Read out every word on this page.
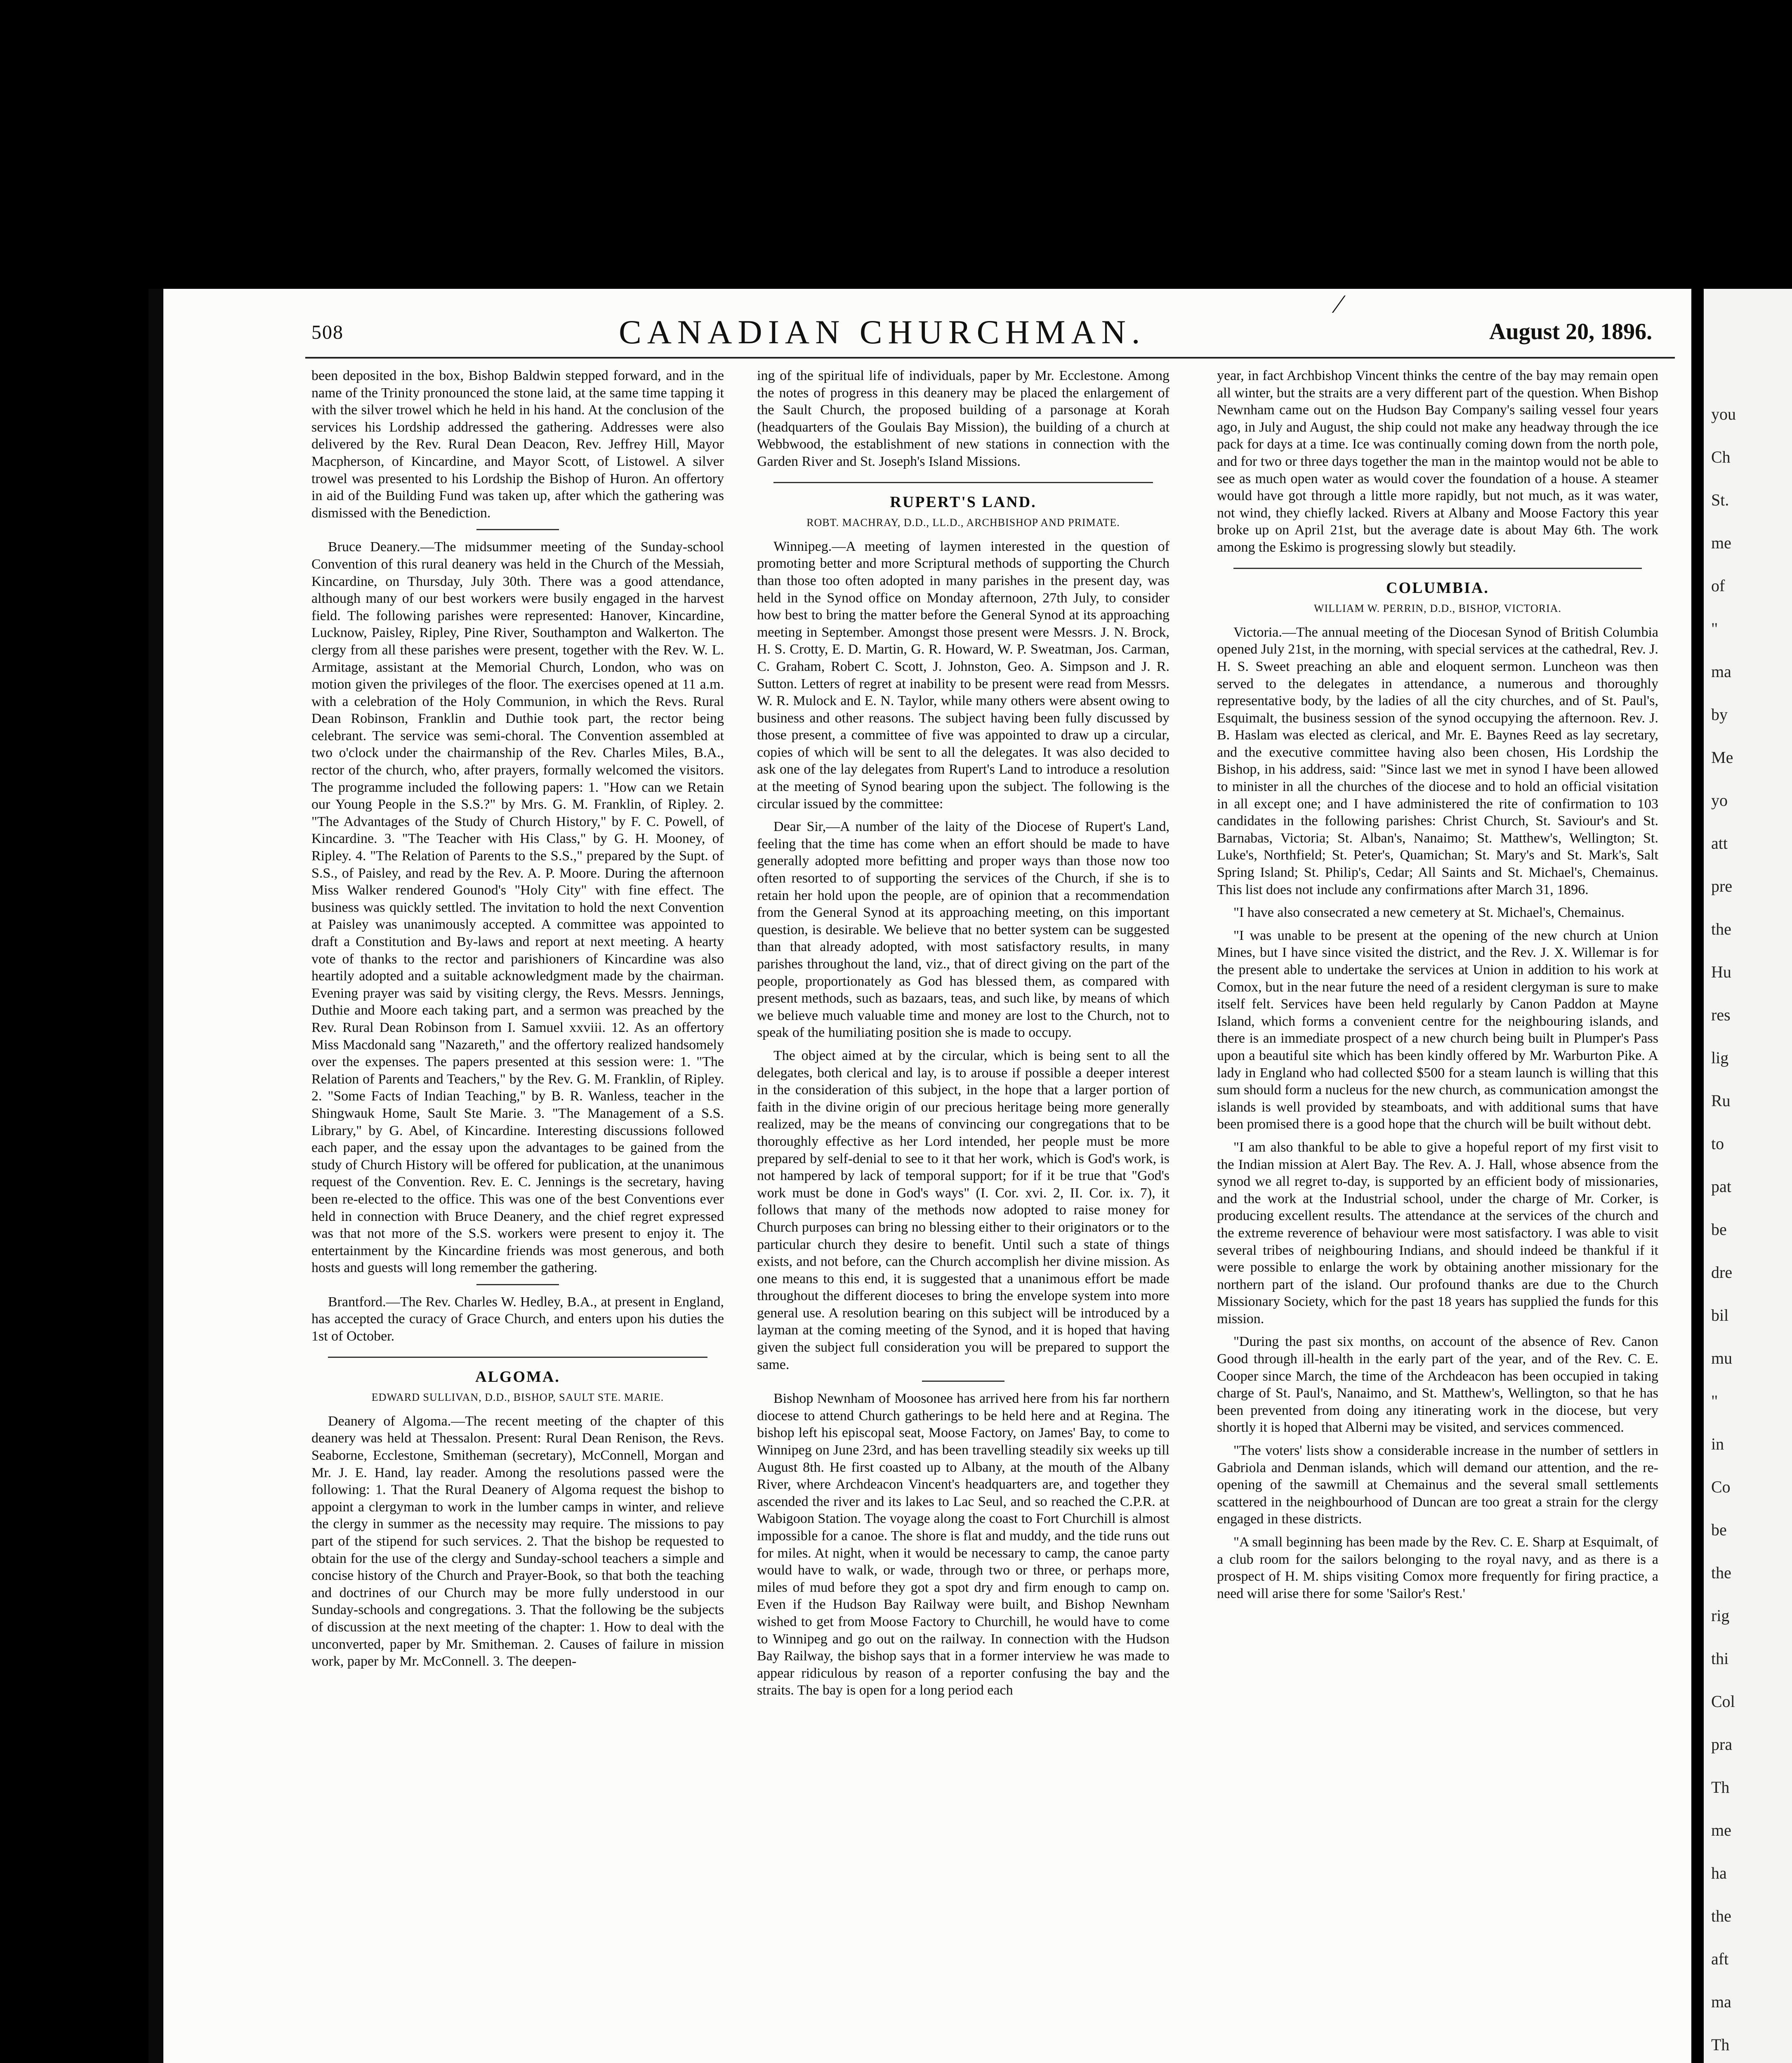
⁄
508	CANADIAN CHURCHMAN.	August 20, 1896.

been deposited in the box, Bishop Baldwin stepped forward, and in the name of the Trinity pronounced the stone laid, at the same time tapping it with the silver trowel which he held in his hand. At the conclusion of the services his Lordship addressed the gathering. Addresses were also delivered by the Rev. Rural Dean Deacon, Rev. Jeffrey Hill, Mayor Macpherson, of Kincardine, and Mayor Scott, of Listowel. A silver trowel was presented to his Lordship the Bishop of Huron. An offertory in aid of the Building Fund was taken up, after which the gathering was dismissed with the Benediction.

Bruce Deanery.—The midsummer meeting of the Sunday-school Convention of this rural deanery was held in the Church of the Messiah, Kincardine, on Thursday, July 30th. There was a good attendance, although many of our best workers were busily engaged in the harvest field. The following parishes were represented: Hanover, Kincardine, Lucknow, Paisley, Ripley, Pine River, Southampton and Walkerton. The clergy from all these parishes were present, together with the Rev. W. L. Armitage, assistant at the Memorial Church, London, who was on motion given the privileges of the floor. The exercises opened at 11 a.m. with a celebration of the Holy Communion, in which the Revs. Rural Dean Robinson, Franklin and Duthie took part, the rector being celebrant. The service was semi-choral. The Convention assembled at two o'clock under the chairmanship of the Rev. Charles Miles, B.A., rector of the church, who, after prayers, formally welcomed the visitors. The programme included the following papers: 1. "How can we Retain our Young People in the S.S.?" by Mrs. G. M. Franklin, of Ripley. 2. "The Advantages of the Study of Church History," by F. C. Powell, of Kincardine. 3. "The Teacher with His Class," by G. H. Mooney, of Ripley. 4. "The Relation of Parents to the S.S.," prepared by the Supt. of S.S., of Paisley, and read by the Rev. A. P. Moore. During the afternoon Miss Walker rendered Gounod's "Holy City" with fine effect. The business was quickly settled. The invitation to hold the next Convention at Paisley was unanimously accepted. A committee was appointed to draft a Constitution and By-laws and report at next meeting. A hearty vote of thanks to the rector and parishioners of Kincardine was also heartily adopted and a suitable acknowledgment made by the chairman. Evening prayer was said by visiting clergy, the Revs. Messrs. Jennings, Duthie and Moore each taking part, and a sermon was preached by the Rev. Rural Dean Robinson from I. Samuel xxviii. 12. As an offertory Miss Macdonald sang "Nazareth," and the offertory realized handsomely over the expenses. The papers presented at this session were: 1. "The Relation of Parents and Teachers," by the Rev. G. M. Franklin, of Ripley. 2. "Some Facts of Indian Teaching," by B. R. Wanless, teacher in the Shingwauk Home, Sault Ste Marie. 3. "The Management of a S.S. Library," by G. Abel, of Kincardine. Interesting discussions followed each paper, and the essay upon the advantages to be gained from the study of Church History will be offered for publication, at the unanimous request of the Convention. Rev. E. C. Jennings is the secretary, having been re-elected to the office. This was one of the best Conventions ever held in connection with Bruce Deanery, and the chief regret expressed was that not more of the S.S. workers were present to enjoy it. The entertainment by the Kincardine friends was most generous, and both hosts and guests will long remember the gathering.

Brantford.—The Rev. Charles W. Hedley, B.A., at present in England, has accepted the curacy of Grace Church, and enters upon his duties the 1st of October.

ALGOMA.
EDWARD SULLIVAN, D.D., BISHOP, SAULT STE. MARIE.

Deanery of Algoma.—The recent meeting of the chapter of this deanery was held at Thessalon. Present: Rural Dean Renison, the Revs. Seaborne, Ecclestone, Smitheman (secretary), McConnell, Morgan and Mr. J. E. Hand, lay reader. Among the resolutions passed were the following: 1. That the Rural Deanery of Algoma request the bishop to appoint a clergyman to work in the lumber camps in winter, and relieve the clergy in summer as the necessity may require. The missions to pay part of the stipend for such services. 2. That the bishop be requested to obtain for the use of the clergy and Sunday-school teachers a simple and concise history of the Church and Prayer-Book, so that both the teaching and doctrines of our Church may be more fully understood in our Sunday-schools and congregations. 3. That the following be the subjects of discussion at the next meeting of the chapter: 1. How to deal with the unconverted, paper by Mr. Smitheman. 2. Causes of failure in mission work, paper by Mr. McConnell. 3. The deepen-

ing of the spiritual life of individuals, paper by Mr. Ecclestone. Among the notes of progress in this deanery may be placed the enlargement of the Sault Church, the proposed building of a parsonage at Korah (headquarters of the Goulais Bay Mission), the building of a church at Webbwood, the establishment of new stations in connection with the Garden River and St. Joseph's Island Missions.

RUPERT'S LAND.
ROBT. MACHRAY, D.D., LL.D., ARCHBISHOP AND PRIMATE.

Winnipeg.—A meeting of laymen interested in the question of promoting better and more Scriptural methods of supporting the Church than those too often adopted in many parishes in the present day, was held in the Synod office on Monday afternoon, 27th July, to consider how best to bring the matter before the General Synod at its approaching meeting in September. Amongst those present were Messrs. J. N. Brock, H. S. Crotty, E. D. Martin, G. R. Howard, W. P. Sweatman, Jos. Carman, C. Graham, Robert C. Scott, J. Johnston, Geo. A. Simpson and J. R. Sutton. Letters of regret at inability to be present were read from Messrs. W. R. Mulock and E. N. Taylor, while many others were absent owing to business and other reasons. The subject having been fully discussed by those present, a committee of five was appointed to draw up a circular, copies of which will be sent to all the delegates. It was also decided to ask one of the lay delegates from Rupert's Land to introduce a resolution at the meeting of Synod bearing upon the subject. The following is the circular issued by the committee:

Dear Sir,—A number of the laity of the Diocese of Rupert's Land, feeling that the time has come when an effort should be made to have generally adopted more befitting and proper ways than those now too often resorted to of supporting the services of the Church, if she is to retain her hold upon the people, are of opinion that a recommendation from the General Synod at its approaching meeting, on this important question, is desirable. We believe that no better system can be suggested than that already adopted, with most satisfactory results, in many parishes throughout the land, viz., that of direct giving on the part of the people, proportionately as God has blessed them, as compared with present methods, such as bazaars, teas, and such like, by means of which we believe much valuable time and money are lost to the Church, not to speak of the humiliating position she is made to occupy.

The object aimed at by the circular, which is being sent to all the delegates, both clerical and lay, is to arouse if possible a deeper interest in the consideration of this subject, in the hope that a larger portion of faith in the divine origin of our precious heritage being more generally realized, may be the means of convincing our congregations that to be thoroughly effective as her Lord intended, her people must be more prepared by self-denial to see to it that her work, which is God's work, is not hampered by lack of temporal support; for if it be true that "God's work must be done in God's ways" (I. Cor. xvi. 2, II. Cor. ix. 7), it follows that many of the methods now adopted to raise money for Church purposes can bring no blessing either to their originators or to the particular church they desire to benefit. Until such a state of things exists, and not before, can the Church accomplish her divine mission. As one means to this end, it is suggested that a unanimous effort be made throughout the different dioceses to bring the envelope system into more general use. A resolution bearing on this subject will be introduced by a layman at the coming meeting of the Synod, and it is hoped that having given the subject full consideration you will be prepared to support the same.

Bishop Newnham of Moosonee has arrived here from his far northern diocese to attend Church gatherings to be held here and at Regina. The bishop left his episcopal seat, Moose Factory, on James' Bay, to come to Winnipeg on June 23rd, and has been travelling steadily six weeks up till August 8th. He first coasted up to Albany, at the mouth of the Albany River, where Archdeacon Vincent's headquarters are, and together they ascended the river and its lakes to Lac Seul, and so reached the C.P.R. at Wabigoon Station. The voyage along the coast to Fort Churchill is almost impossible for a canoe. The shore is flat and muddy, and the tide runs out for miles. At night, when it would be necessary to camp, the canoe party would have to walk, or wade, through two or three, or perhaps more, miles of mud before they got a spot dry and firm enough to camp on. Even if the Hudson Bay Railway were built, and Bishop Newnham wished to get from Moose Factory to Churchill, he would have to come to Winnipeg and go out on the railway. In connection with the Hudson Bay Railway, the bishop says that in a former interview he was made to appear ridiculous by reason of a reporter confusing the bay and the straits. The bay is open for a long period each

year, in fact Archbishop Vincent thinks the centre of the bay may remain open all winter, but the straits are a very different part of the question. When Bishop Newnham came out on the Hudson Bay Company's sailing vessel four years ago, in July and August, the ship could not make any headway through the ice pack for days at a time. Ice was continually coming down from the north pole, and for two or three days together the man in the maintop would not be able to see as much open water as would cover the foundation of a house. A steamer would have got through a little more rapidly, but not much, as it was water, not wind, they chiefly lacked. Rivers at Albany and Moose Factory this year broke up on April 21st, but the average date is about May 6th. The work among the Eskimo is progressing slowly but steadily.

COLUMBIA.
WILLIAM W. PERRIN, D.D., BISHOP, VICTORIA.

Victoria.—The annual meeting of the Diocesan Synod of British Columbia opened July 21st, in the morning, with special services at the cathedral, Rev. J. H. S. Sweet preaching an able and eloquent sermon. Luncheon was then served to the delegates in attendance, a numerous and thoroughly representative body, by the ladies of all the city churches, and of St. Paul's, Esquimalt, the business session of the synod occupying the afternoon. Rev. J. B. Haslam was elected as clerical, and Mr. E. Baynes Reed as lay secretary, and the executive committee having also been chosen, His Lordship the Bishop, in his address, said: "Since last we met in synod I have been allowed to minister in all the churches of the diocese and to hold an official visitation in all except one; and I have administered the rite of confirmation to 103 candidates in the following parishes: Christ Church, St. Saviour's and St. Barnabas, Victoria; St. Alban's, Nanaimo; St. Matthew's, Wellington; St. Luke's, Northfield; St. Peter's, Quamichan; St. Mary's and St. Mark's, Salt Spring Island; St. Philip's, Cedar; All Saints and St. Michael's, Chemainus. This list does not include any confirmations after March 31, 1896.

"I have also consecrated a new cemetery at St. Michael's, Chemainus.

"I was unable to be present at the opening of the new church at Union Mines, but I have since visited the district, and the Rev. J. X. Willemar is for the present able to undertake the services at Union in addition to his work at Comox, but in the near future the need of a resident clergyman is sure to make itself felt. Services have been held regularly by Canon Paddon at Mayne Island, which forms a convenient centre for the neighbouring islands, and there is an immediate prospect of a new church being built in Plumper's Pass upon a beautiful site which has been kindly offered by Mr. Warburton Pike. A lady in England who had collected $500 for a steam launch is willing that this sum should form a nucleus for the new church, as communication amongst the islands is well provided by steamboats, and with additional sums that have been promised there is a good hope that the church will be built without debt.

"I am also thankful to be able to give a hopeful report of my first visit to the Indian mission at Alert Bay. The Rev. A. J. Hall, whose absence from the synod we all regret to-day, is supported by an efficient body of missionaries, and the work at the Industrial school, under the charge of Mr. Corker, is producing excellent results. The attendance at the services of the church and the extreme reverence of behaviour were most satisfactory. I was able to visit several tribes of neighbouring Indians, and should indeed be thankful if it were possible to enlarge the work by obtaining another missionary for the northern part of the island. Our profound thanks are due to the Church Missionary Society, which for the past 18 years has supplied the funds for this mission.

"During the past six months, on account of the absence of Rev. Canon Good through ill-health in the early part of the year, and of the Rev. C. E. Cooper since March, the time of the Archdeacon has been occupied in taking charge of St. Paul's, Nanaimo, and St. Matthew's, Wellington, so that he has been prevented from doing any itinerating work in the diocese, but very shortly it is hoped that Alberni may be visited, and services commenced.

"The voters' lists show a considerable increase in the number of settlers in Gabriola and Denman islands, which will demand our attention, and the re-opening of the sawmill at Chemainus and the several small settlements scattered in the neighbourhood of Duncan are too great a strain for the clergy engaged in these districts.

"A small beginning has been made by the Rev. C. E. Sharp at Esquimalt, of a club room for the sailors belonging to the royal navy, and as there is a prospect of H. M. ships visiting Comox more frequently for firing practice, a need will arise there for some 'Sailor's Rest.'

you
Ch
St.
me
of
"
ma
by
Me
yo
att
pre
the
Hu
res
lig
Ru
to
pat
be
dre
bil
mu
"
in
Co
be
the
rig
thi
Col
pra
Th
me
ha
the
aft
ma
Th
